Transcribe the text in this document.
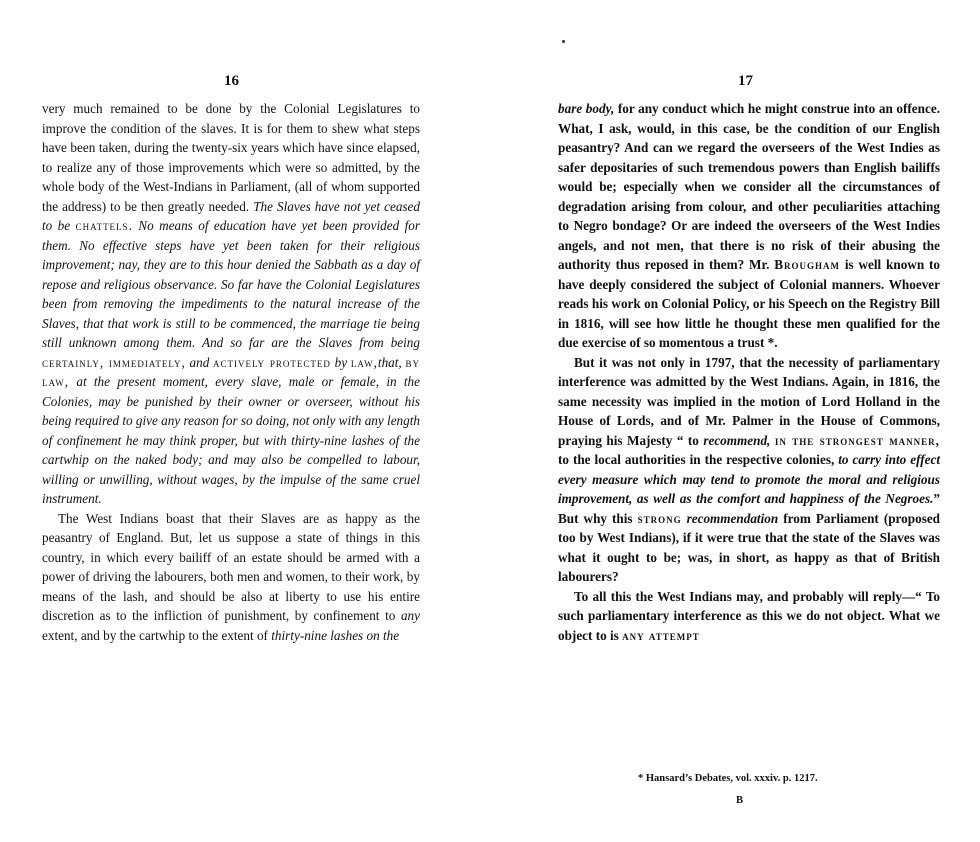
16

very much remained to be done by the Colonial Legislatures to improve the condition of the slaves. It is for them to shew what steps have been taken, during the twenty-six years which have since elapsed, to realize any of those improvements which were so admitted, by the whole body of the West-Indians in Parliament, (all of whom supported the address) to be then greatly needed. The Slaves have not yet ceased to be chattels. No means of education have yet been provided for them. No effective steps have yet been taken for their religious improvement; nay, they are to this hour denied the Sabbath as a day of repose and religious observance. So far have the Colonial Legislatures been from removing the impediments to the natural increase of the Slaves, that that work is still to be commenced, the marriage tie being still unknown among them. And so far are the Slaves from being certainly, immediately, and actively protected by law,that, by law, at the present moment, every slave, male or female, in the Colonies, may be punished by their owner or overseer, without his being required to give any reason for so doing, not only with any length of confinement he may think proper, but with thirty-nine lashes of the cartwhip on the naked body; and may also be compelled to labour, willing or unwilling, without wages, by the impulse of the same cruel instrument.

The West Indians boast that their Slaves are as happy as the peasantry of England. But, let us suppose a state of things in this country, in which every bailiff of an estate should be armed with a power of driving the labourers, both men and women, to their work, by means of the lash, and should be also at liberty to use his entire discretion as to the infliction of punishment, by confinement to any extent, and by the cartwhip to the extent of thirty-nine lashes on the

17

bare body, for any conduct which he might construe into an offence. What, I ask, would, in this case, be the condition of our English peasantry? And can we regard the overseers of the West Indies as safer depositaries of such tremendous powers than English bailiffs would be; especially when we consider all the circumstances of degradation arising from colour, and other peculiarities attaching to Negro bondage? Or are indeed the overseers of the West Indies angels, and not men, that there is no risk of their abusing the authority thus reposed in them? Mr. Brougham is well known to have deeply considered the subject of Colonial manners. Whoever reads his work on Colonial Policy, or his Speech on the Registry Bill in 1816, will see how little he thought these men qualified for the due exercise of so momentous a trust *.

But it was not only in 1797, that the necessity of parliamentary interference was admitted by the West Indians. Again, in 1816, the same necessity was implied in the motion of Lord Holland in the House of Lords, and of Mr. Palmer in the House of Commons, praying his Majesty “ to recommend, in the strongest manner, to the local authorities in the respective colonies, to carry into effect every measure which may tend to promote the moral and religious improvement, as well as the comfort and happiness of the Negroes.” But why this strong recommendation from Parliament (proposed too by West Indians), if it were true that the state of the Slaves was what it ought to be; was, in short, as happy as that of British labourers?

To all this the West Indians may, and probably will reply—“ To such parliamentary interference as this we do not object. What we object to is any attempt

* Hansard’s Debates, vol. xxxiv. p. 1217.
B
